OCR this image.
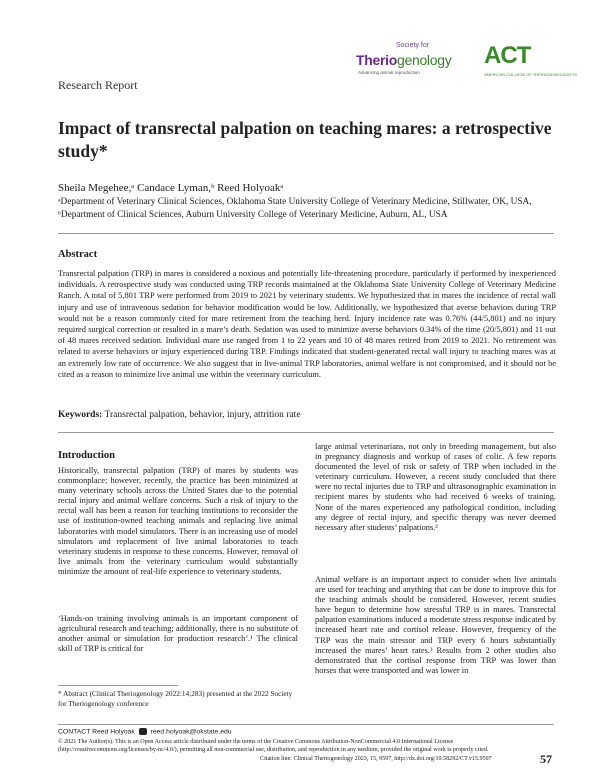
Society for
Theriogenology
Advancing animal reproduction
ACT
AMERICAN COLLEGE OF THERIOGENOLOGISTS
Research Report
Impact of transrectal palpation on teaching mares: a retrospective study*
Sheila Megehee,ᵃ Candace Lyman,ᵇ Reed Holyoakᵃ
ᵃDepartment of Veterinary Clinical Sciences, Oklahoma State University College of Veterinary Medicine, Stillwater, OK, USA, ᵇDepartment of Clinical Sciences, Auburn University College of Veterinary Medicine, Auburn, AL, USA
Abstract
Transrectal palpation (TRP) in mares is considered a noxious and potentially life-threatening procedure, particularly if performed by inexperienced individuals. A retrospective study was conducted using TRP records maintained at the Oklahoma State University College of Veterinary Medicine Ranch. A total of 5,801 TRP were performed from 2019 to 2021 by veterinary students. We hypothesized that in mares the incidence of rectal wall injury and use of intravenous sedation for behavior modification would be low. Additionally, we hypothesized that averse behaviors during TRP would not be a reason commonly cited for mare retirement from the teaching herd. Injury incidence rate was 0.76% (44/5,801) and no injury required surgical correction or resulted in a mare’s death. Sedation was used to minimize averse behaviors 0.34% of the time (20/5,801) and 11 out of 48 mares received sedation. Individual mare use ranged from 1 to 22 years and 10 of 48 mares retired from 2019 to 2021. No retirement was related to averse behaviors or injury experienced during TRP. Findings indicated that student-generated rectal wall injury to teaching mares was at an extremely low rate of occurrence. We also suggest that in live-animal TRP laboratories, animal welfare is not compromised, and it should not be cited as a reason to minimize live animal use within the veterinary curriculum.
Keywords: Transrectal palpation, behavior, injury, attrition rate
Introduction
Historically, transrectal palpation (TRP) of mares by students was commonplace; however, recently, the practice has been minimized at many veterinary schools across the United States due to the potential rectal injury and animal welfare concerns. Such a risk of injury to the rectal wall has been a reason for teaching institutions to reconsider the use of institution-owned teaching animals and replacing live animal laboratories with model simulators. There is an increasing use of model simulators and replacement of live animal laboratories to teach veterinary students in response to these concerns. However, removal of live animals from the veterinary curriculum would substantially minimize the amount of real-life experience to veterinary students.
‘Hands-on training involving animals is an important component of agricultural research and teaching; additionally, there is no substitute of another animal or simulation for production research’.¹ The clinical skill of TRP is critical for
large animal veterinarians, not only in breeding management, but also in pregnancy diagnosis and workup of cases of colic. A few reports documented the level of risk or safety of TRP when included in the veterinary curriculum. However, a recent study concluded that there were no rectal injuries due to TRP and ultrasonographic examination in recipient mares by students who had received 6 weeks of training. None of the mares experienced any pathological condition, including any degree of rectal injury, and specific therapy was never deemed necessary after students’ palpations.²
Animal welfare is an important aspect to consider when live animals are used for teaching and anything that can be done to improve this for the teaching animals should be considered. However, recent studies have begun to determine how stressful TRP is in mares. Transrectal palpation examinations induced a moderate stress response indicated by increased heart rate and cortisol release. However, frequency of the TRP was the main stressor and TRP every 6 hours substantially increased the mares’ heart rates.³ Results from 2 other studies also demonstrated that the cortisol response from TRP was lower than horses that were transported and was lower in
* Abstract (Clinical Theriogenology 2022:14;283) presented at the 2022 Society for Theriogenology conference
CONTACT Reed Holyoak reed.holyoak@okstate.edu
© 2021 The Author(s). This is an Open Access article distributed under the terms of the Creative Commons Attribution-NonCommercial 4.0 International License (http://creativecommons.org/licenses/by-nc/4.0/), permitting all non-commercial use, distribution, and reproduction in any medium, provided the original work is properly cited.
Citation line: Clinical Theriogenology 2023, 15, 9597, http://dx.doi.org/10.58292/CT.v15.9597	57
